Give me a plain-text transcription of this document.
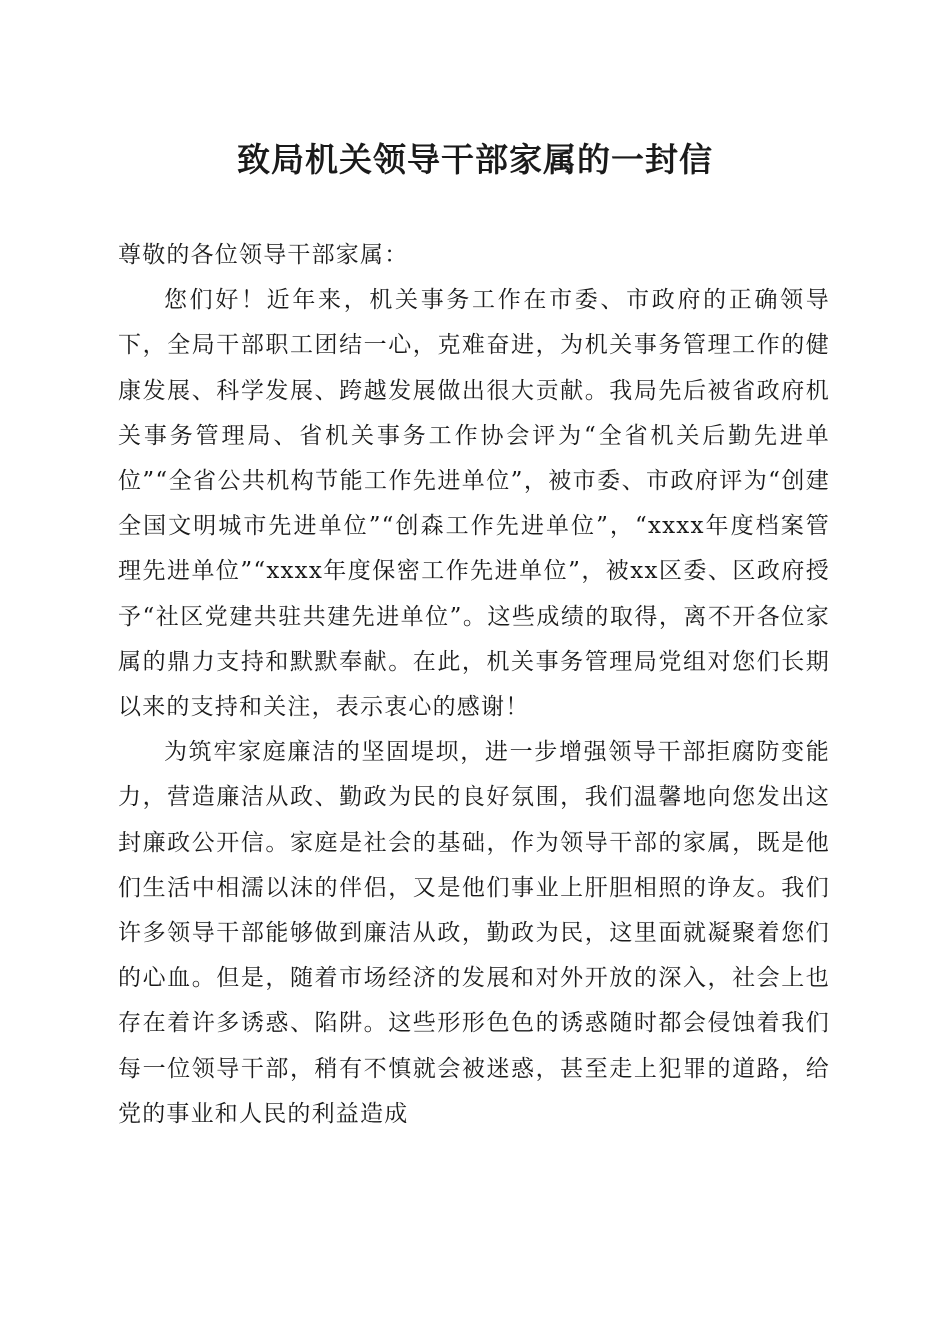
致局机关领导干部家属的一封信

尊敬的各位领导干部家属：

您们好！近年来，机关事务工作在市委、市政府的正确领导下，全局干部职工团结一心，克难奋进，为机关事务管理工作的健康发展、科学发展、跨越发展做出很大贡献。我局先后被省政府机关事务管理局、省机关事务工作协会评为“全省机关后勤先进单位”“全省公共机构节能工作先进单位”，被市委、市政府评为“创建全国文明城市先进单位”“创森工作先进单位”，“xxxx年度档案管理先进单位”“xxxx年度保密工作先进单位”，被xx区委、区政府授予“社区党建共驻共建先进单位”。这些成绩的取得，离不开各位家属的鼎力支持和默默奉献。在此，机关事务管理局党组对您们长期以来的支持和关注，表示衷心的感谢！

为筑牢家庭廉洁的坚固堤坝，进一步增强领导干部拒腐防变能力，营造廉洁从政、勤政为民的良好氛围，我们温馨地向您发出这封廉政公开信。家庭是社会的基础，作为领导干部的家属，既是他们生活中相濡以沫的伴侣，又是他们事业上肝胆相照的诤友。我们许多领导干部能够做到廉洁从政，勤政为民，这里面就凝聚着您们的心血。但是，随着市场经济的发展和对外开放的深入，社会上也存在着许多诱惑、陷阱。这些形形色色的诱惑随时都会侵蚀着我们每一位领导干部，稍有不慎就会被迷惑，甚至走上犯罪的道路，给党的事业和人民的利益造成
